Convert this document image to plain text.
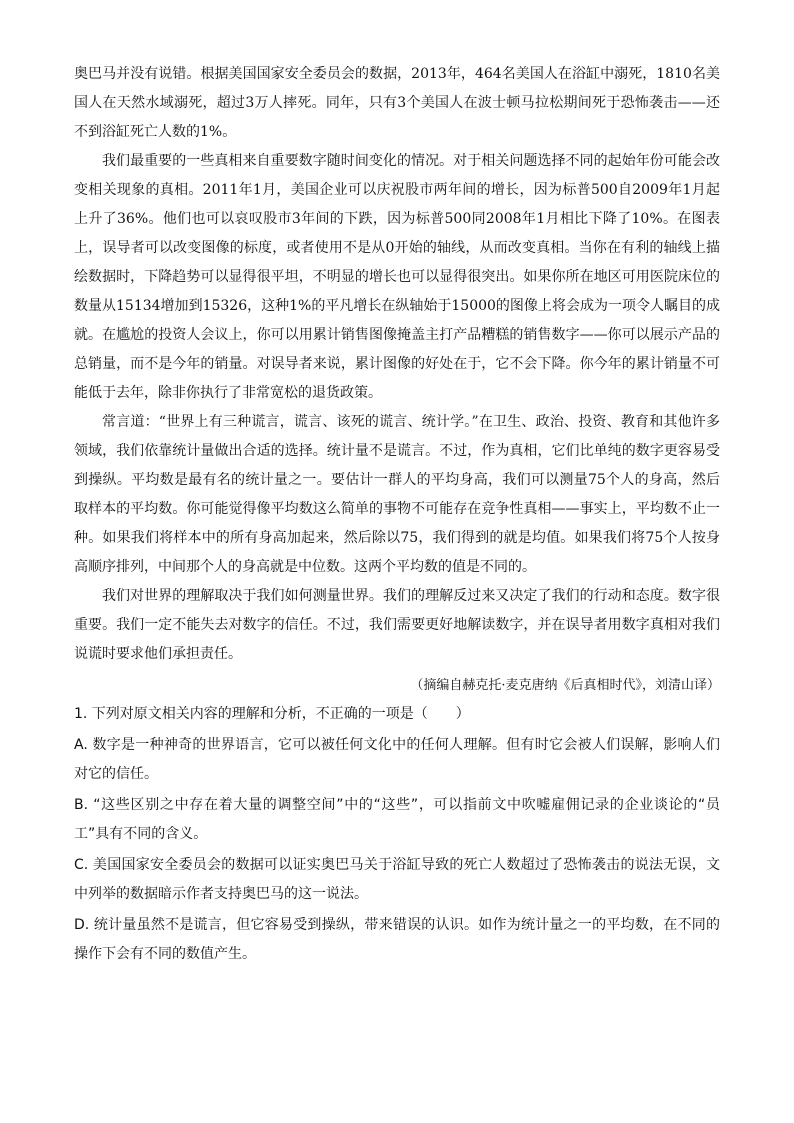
奥巴马并没有说错。根据美国国家安全委员会的数据，2013年，464名美国人在浴缸中溺死，1810名美国人在天然水域溺死，超过3万人摔死。同年，只有3个美国人在波士顿马拉松期间死于恐怖袭击——还不到浴缸死亡人数的1%。

我们最重要的一些真相来自重要数字随时间变化的情况。对于相关问题选择不同的起始年份可能会改变相关现象的真相。2011年1月，美国企业可以庆祝股市两年间的增长，因为标普500自2009年1月起上升了36%。他们也可以哀叹股市3年间的下跌，因为标普500同2008年1月相比下降了10%。在图表上，误导者可以改变图像的标度，或者使用不是从0开始的轴线，从而改变真相。当你在有利的轴线上描绘数据时，下降趋势可以显得很平坦，不明显的增长也可以显得很突出。如果你所在地区可用医院床位的数量从15134增加到15326，这种1%的平凡增长在纵轴始于15000的图像上将会成为一项令人瞩目的成就。在尴尬的投资人会议上，你可以用累计销售图像掩盖主打产品糟糕的销售数字——你可以展示产品的总销量，而不是今年的销量。对误导者来说，累计图像的好处在于，它不会下降。你今年的累计销量不可能低于去年，除非你执行了非常宽松的退货政策。

常言道：“世界上有三种谎言，谎言、该死的谎言、统计学。”在卫生、政治、投资、教育和其他许多领域，我们依靠统计量做出合适的选择。统计量不是谎言。不过，作为真相，它们比单纯的数字更容易受到操纵。平均数是最有名的统计量之一。要估计一群人的平均身高，我们可以测量75个人的身高，然后取样本的平均数。你可能觉得像平均数这么简单的事物不可能存在竞争性真相——事实上，平均数不止一种。如果我们将样本中的所有身高加起来，然后除以75，我们得到的就是均值。如果我们将75个人按身高顺序排列，中间那个人的身高就是中位数。这两个平均数的值是不同的。

我们对世界的理解取决于我们如何测量世界。我们的理解反过来又决定了我们的行动和态度。数字很重要。我们一定不能失去对数字的信任。不过，我们需要更好地解读数字，并在误导者用数字真相对我们说谎时要求他们承担责任。

（摘编自赫克托·麦克唐纳《后真相时代》，刘清山译）

1. 下列对原文相关内容的理解和分析，不正确的一项是（　　）

A. 数字是一种神奇的世界语言，它可以被任何文化中的任何人理解。但有时它会被人们误解，影响人们对它的信任。

B. “这些区别之中存在着大量的调整空间”中的“这些”，可以指前文中吹嘘雇佣记录的企业谈论的“员工”具有不同的含义。

C. 美国国家安全委员会的数据可以证实奥巴马关于浴缸导致的死亡人数超过了恐怖袭击的说法无误，文中列举的数据暗示作者支持奥巴马的这一说法。

D. 统计量虽然不是谎言，但它容易受到操纵，带来错误的认识。如作为统计量之一的平均数，在不同的操作下会有不同的数值产生。
